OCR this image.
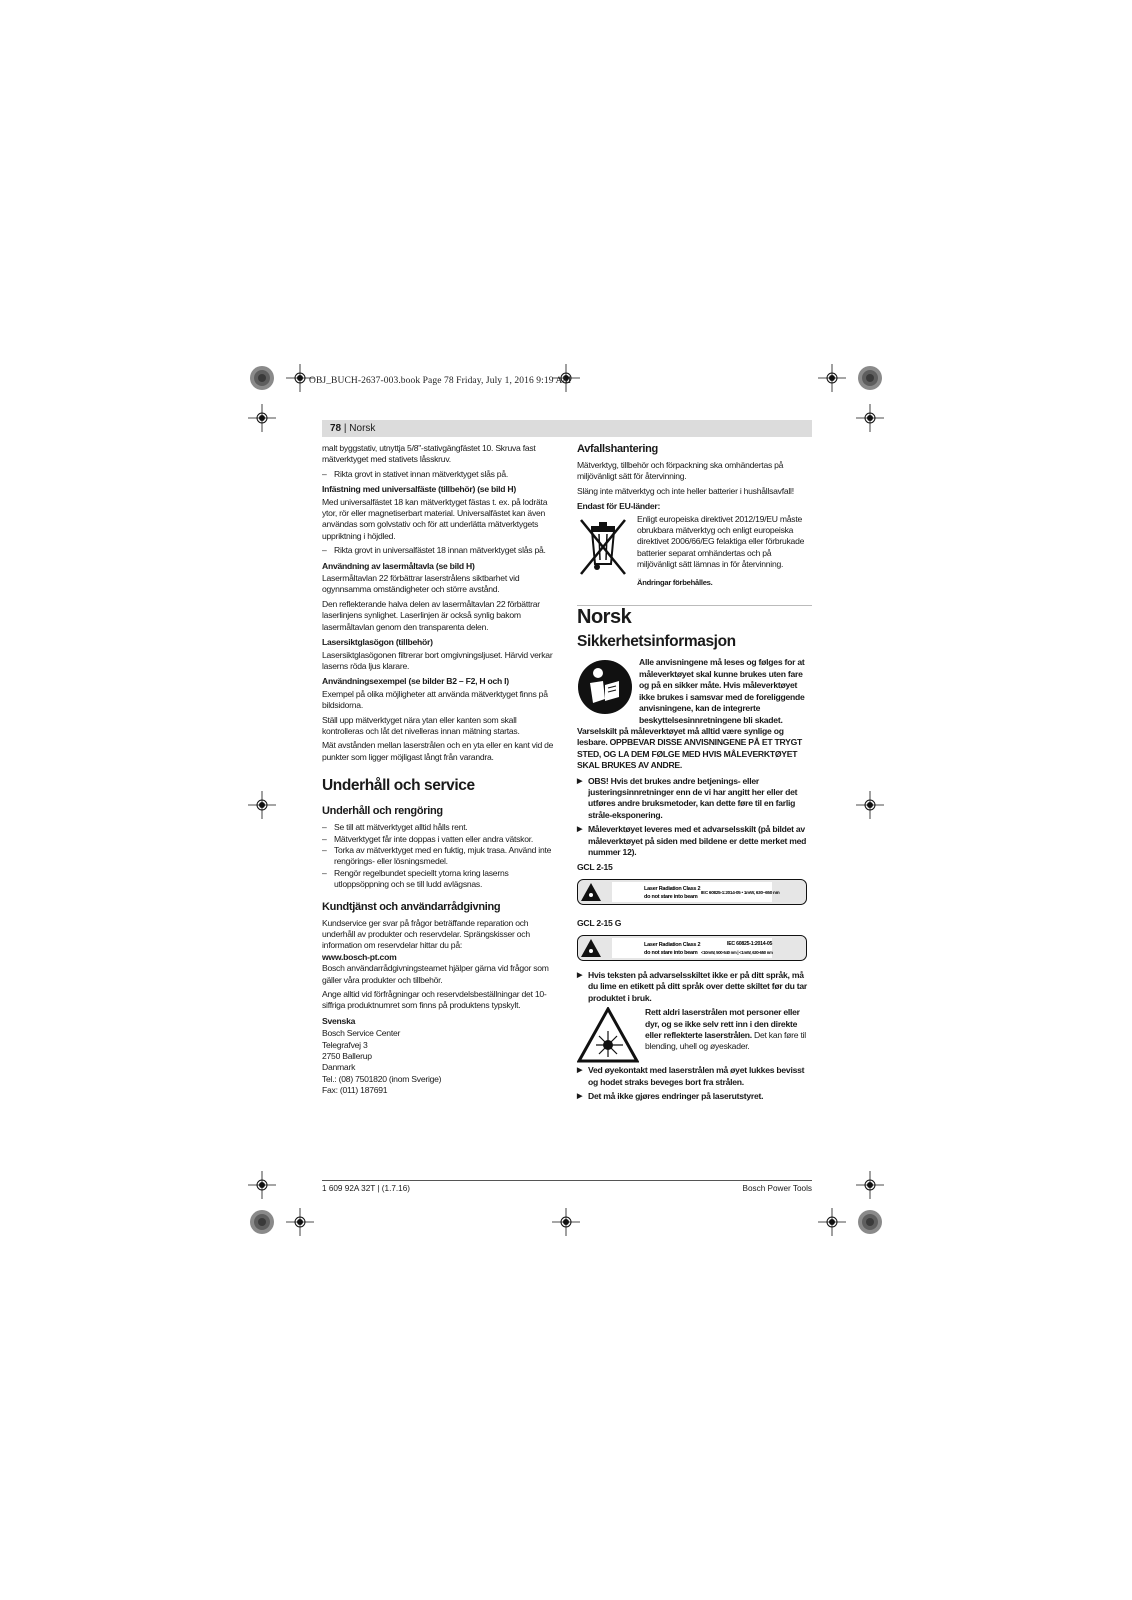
OBJ_BUCH-2637-003.book Page 78 Friday, July 1, 2016 9:19 AM
78 | Norsk

malt byggstativ, utnyttja 5/8"-stativgängfästet 10. Skruva fast mätverktyget med stativets låsskruv.

– Rikta grovt in stativet innan mätverktyget slås på.
Infästning med universalfäste (tillbehör) (se bild H)

Med universalfästet 18 kan mätverktyget fästas t. ex. på lodräta ytor, rör eller magnetiserbart material. Universalfästet kan även användas som golvstativ och för att underlätta mätverktygets uppriktning i höjdled.

– Rikta grovt in universalfästet 18 innan mätverktyget slås på.
Användning av lasermåltavla (se bild H)

Lasermåltavlan 22 förbättrar laserstrålens siktbarhet vid ogynnsamma omständigheter och större avstånd.

Den reflekterande halva delen av lasermåltavlan 22 förbättrar laserlinjens synlighet. Laserlinjen är också synlig bakom lasermåltavlan genom den transparenta delen.

Lasersiktglasögon (tillbehör)

Lasersiktglasögonen filtrerar bort omgivningsljuset. Härvid verkar laserns röda ljus klarare.

Användningsexempel (se bilder B2 – F2, H och I)

Exempel på olika möjligheter att använda mätverktyget finns på bildsidorna.

Ställ upp mätverktyget nära ytan eller kanten som skall kontrolleras och låt det nivelleras innan mätning startas.

Mät avstånden mellan laserstrålen och en yta eller en kant vid de punkter som ligger möjligast långt från varandra.

Underhåll och service
Underhåll och rengöring
– Se till att mätverktyget alltid hålls rent.
– Mätverktyget får inte doppas i vatten eller andra vätskor.
– Torka av mätverktyget med en fuktig, mjuk trasa. Använd inte rengörings- eller lösningsmedel.
– Rengör regelbundet speciellt ytorna kring laserns utloppsöppning och se till ludd avlägsnas.
Kundtjänst och användarrådgivning

Kundservice ger svar på frågor beträffande reparation och underhåll av produkter och reservdelar. Sprängskisser och information om reservdelar hittar du på:

www.bosch-pt.com

Bosch användarrådgivningsteamet hjälper gärna vid frågor som gäller våra produkter och tillbehör.

Ange alltid vid förfrågningar och reservdelsbeställningar det 10-siffriga produktnumret som finns på produktens typskylt.

Svenska
Bosch Service Center
Telegrafvej 3
2750 Ballerup
Danmark
Tel.: (08) 7501820 (inom Sverige)
Fax: (011) 187691
Avfallshantering

Mätverktyg, tillbehör och förpackning ska omhändertas på miljövänligt sätt för återvinning.

Släng inte mätverktyg och inte heller batterier i hushållsavfall!

Endast för EU-länder:

Enligt europeiska direktivet 2012/19/EU måste obrukbara mätverktyg och enligt europeiska direktivet 2006/66/EG felaktiga eller förbrukade batterier separat omhändertas och på miljövänligt sätt lämnas in för återvinning.

Ändringar förbehålles.

Norsk
Sikkerhetsinformasjon
Alle anvisningene må leses og følges for at måleverktøyet skal kunne brukes uten fare og på en sikker måte. Hvis måleverktøyet ikke brukes i samsvar med de foreliggende anvisningene, kan de integrerte beskyttelsesinnretningene bli skadet. Varselskilt på måleverktøyet må alltid være synlige og lesbare. OPPBEVAR DISSE ANVISNINGENE PÅ ET TRYGT STED, OG LA DEM FØLGE MED HVIS MÅLEVERKTØYET SKAL BRUKES AV ANDRE.
▶ OBS! Hvis det brukes andre betjenings- eller justeringsinnretninger enn de vi har angitt her eller det utføres andre bruksmetoder, kan dette føre til en farlig stråle-eksponering.
▶ Måleverktøyet leveres med et advarselsskilt (på bildet av måleverktøyet på siden med bildene er dette merket med nummer 12).
GCL 2-15
Laser Radiation Class 2
do not stare into beam
IEC 60825-1:2014-05 • 1mW, 630–650 nm
GCL 2-15 G
Laser Radiation Class 2
do not stare into beam
IEC 60825-1:2014-05
<10mW, 500-540 nm | <1mW, 630-650 nm
▶ Hvis teksten på advarselsskiltet ikke er på ditt språk, må du lime en etikett på ditt språk over dette skiltet før du tar produktet i bruk.
Rett aldri laserstrålen mot personer eller dyr, og se ikke selv rett inn i den direkte eller reflekterte laserstrålen. Det kan føre til blending, uhell og øyeskader.
▶ Ved øyekontakt med laserstrålen må øyet lukkes bevisst og hodet straks beveges bort fra strålen.
▶ Det må ikke gjøres endringer på laserutstyret.
1 609 92A 32T | (1.7.16)	Bosch Power Tools
